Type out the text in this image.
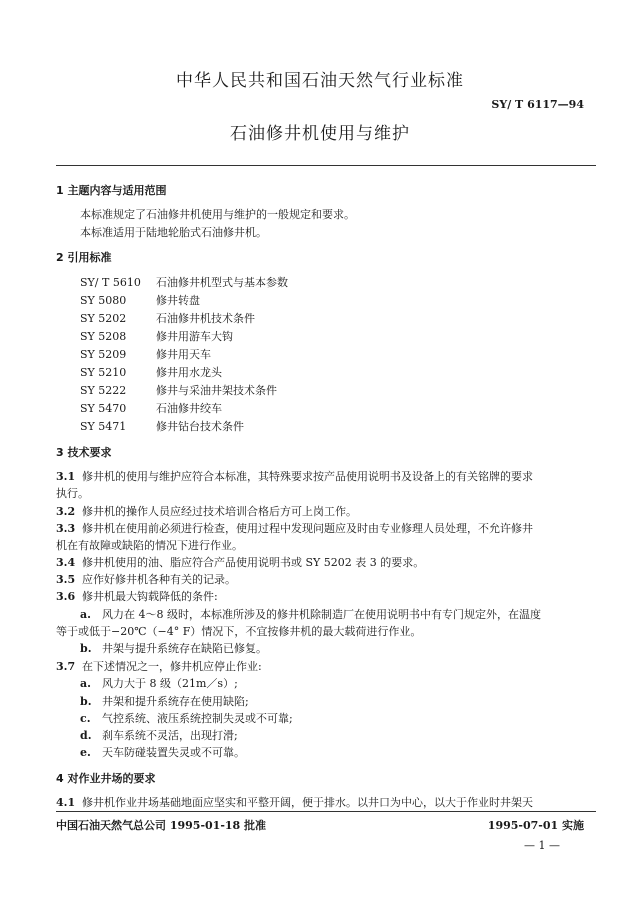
中华人民共和国石油天然气行业标准
SY/ T 6117—94
石油修井机使用与维护
1 主题内容与适用范围
本标准规定了石油修井机使用与维护的一般规定和要求。
本标准适用于陆地轮胎式石油修井机。
2 引用标准
SY/ T 5610 石油修井机型式与基本参数
SY 5080	修井转盘
SY 5202	石油修井机技术条件
SY 5208	修井用游车大钩
SY 5209	修井用天车
SY 5210	修井用水龙头
SY 5222	修井与采油井架技术条件
SY 5470	石油修井绞车
SY 5471	修井钻台技术条件
3 技术要求
3.1 修井机的使用与维护应符合本标准，其特殊要求按产品使用说明书及设备上的有关铭牌的要求
执行。
3.2 修井机的操作人员应经过技术培训合格后方可上岗工作。
3.3 修井机在使用前必须进行检查，使用过程中发现问题应及时由专业修理人员处理，不允许修井
机在有故障或缺陷的情况下进行作业。
3.4 修井机使用的油、脂应符合产品使用说明书或 SY 5202 表 3 的要求。
3.5 应作好修井机各种有关的记录。
3.6 修井机最大钩载降低的条件:
a. 风力在 4～8 级时，本标准所涉及的修井机除制造厂在使用说明书中有专门规定外，在温度
等于或低于−20℃（−4° F）情况下，不宜按修井机的最大载荷进行作业。
b. 井架与提升系统存在缺陷已修复。
3.7 在下述情况之一，修井机应停止作业:
a. 风力大于 8 级（21m／s）;
b. 井架和提升系统存在使用缺陷;
c. 气控系统、液压系统控制失灵或不可靠;
d. 刹车系统不灵活，出现打滑;
e. 天车防碰装置失灵或不可靠。
4 对作业井场的要求
4.1 修井机作业井场基础地面应坚实和平整开阔，便于排水。以井口为中心，以大于作业时井架天
中国石油天然气总公司 1995-01-18 批准	1995-07-01 实施
— 1 —
